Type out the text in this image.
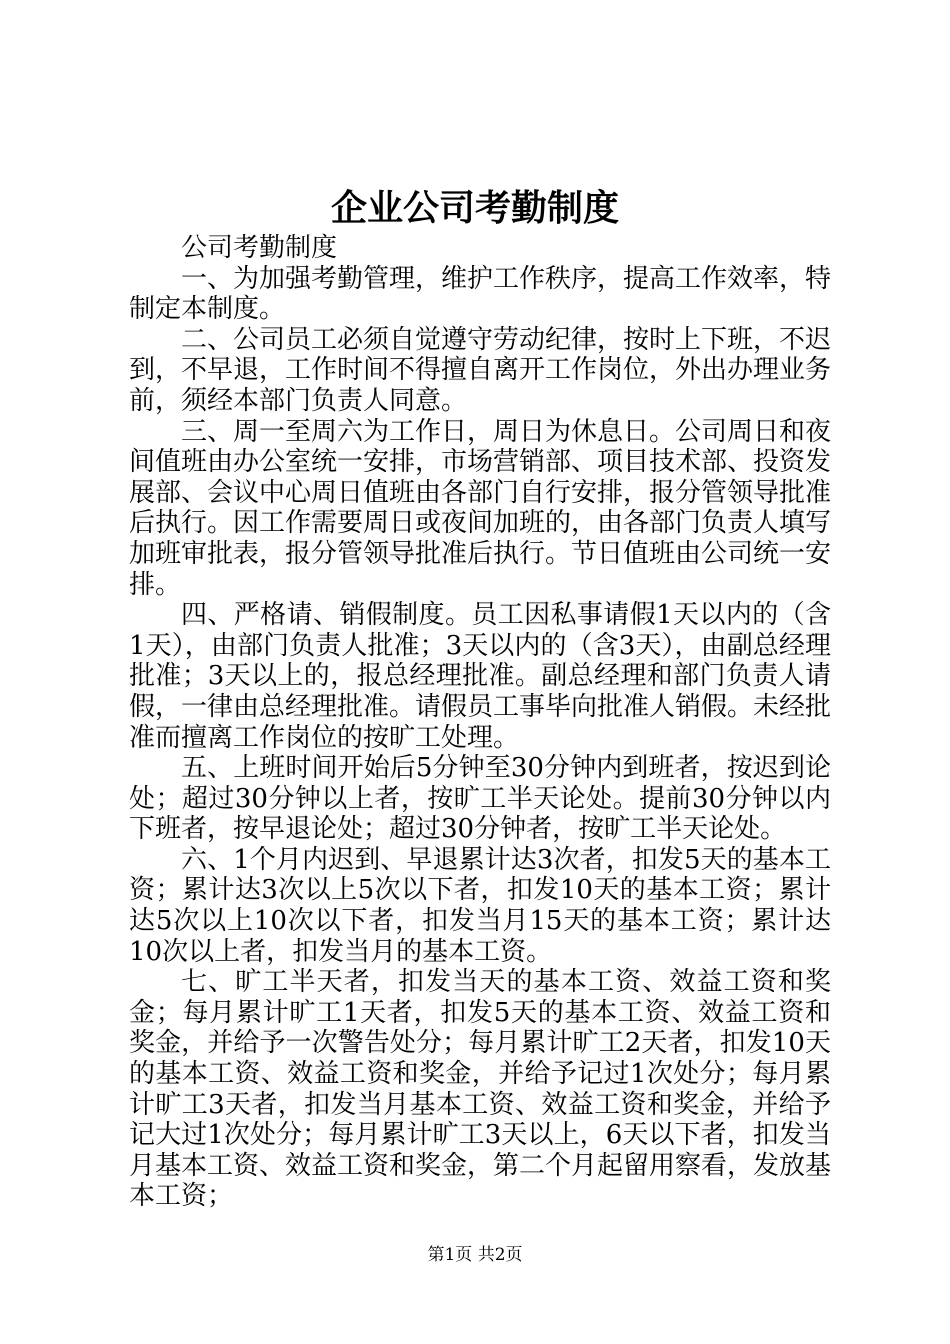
企业公司考勤制度

公司考勤制度

一、为加强考勤管理，维护工作秩序，提高工作效率，特制定本制度。

二、公司员工必须自觉遵守劳动纪律，按时上下班，不迟到，不早退，工作时间不得擅自离开工作岗位，外出办理业务前，须经本部门负责人同意。

三、周一至周六为工作日，周日为休息日。公司周日和夜间值班由办公室统一安排，市场营销部、项目技术部、投资发展部、会议中心周日值班由各部门自行安排，报分管领导批准后执行。因工作需要周日或夜间加班的，由各部门负责人填写加班审批表，报分管领导批准后执行。节日值班由公司统一安排。

四、严格请、销假制度。员工因私事请假1天以内的（含1天），由部门负责人批准；3天以内的（含3天），由副总经理批准；3天以上的，报总经理批准。副总经理和部门负责人请假，一律由总经理批准。请假员工事毕向批准人销假。未经批准而擅离工作岗位的按旷工处理。

五、上班时间开始后5分钟至30分钟内到班者，按迟到论处；超过30分钟以上者，按旷工半天论处。提前30分钟以内下班者，按早退论处；超过30分钟者，按旷工半天论处。

六、1个月内迟到、早退累计达3次者，扣发5天的基本工资；累计达3次以上5次以下者，扣发10天的基本工资；累计达5次以上10次以下者，扣发当月15天的基本工资；累计达10次以上者，扣发当月的基本工资。

七、旷工半天者，扣发当天的基本工资、效益工资和奖金；每月累计旷工1天者，扣发5天的基本工资、效益工资和奖金，并给予一次警告处分；每月累计旷工2天者，扣发10天的基本工资、效益工资和奖金，并给予记过1次处分；每月累计旷工3天者，扣发当月基本工资、效益工资和奖金，并给予记大过1次处分；每月累计旷工3天以上，6天以下者，扣发当月基本工资、效益工资和奖金，第二个月起留用察看，发放基本工资；

第1页 共2页
